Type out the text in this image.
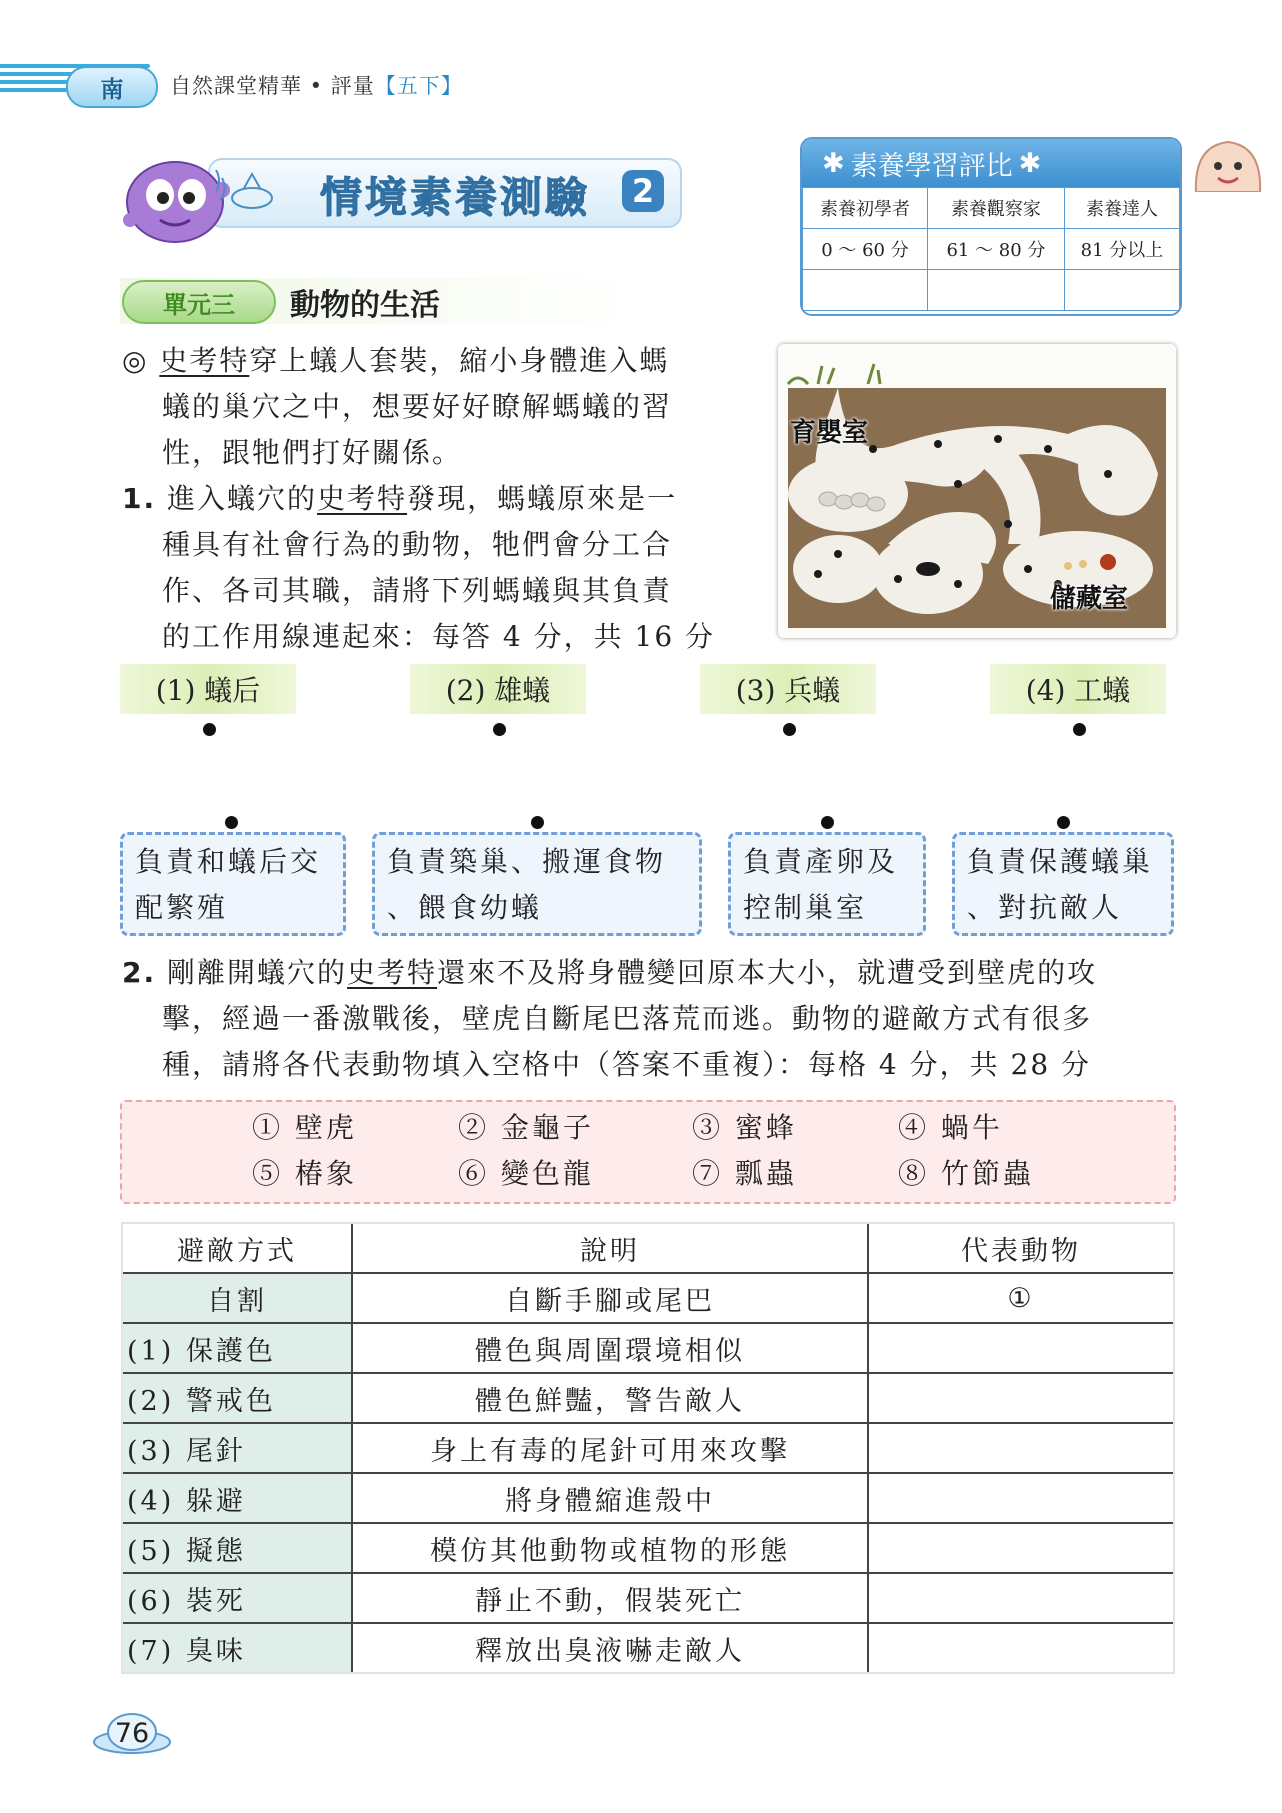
南	自然課堂精華 • 評量【五下】
情境素養測驗	2
✱ 素養學習評比 ✱
素養初學者	素養觀察家	素養達人
0 ～ 60 分	61 ～ 80 分	81 分以上

單元三	動物的生活
◎ 史考特穿上蟻人套裝，縮小身體進入螞
蟻的巢穴之中，想要好好瞭解螞蟻的習
性，跟牠們打好關係。
1. 進入蟻穴的史考特發現，螞蟻原來是一
種具有社會行為的動物，牠們會分工合
作、各司其職，請將下列螞蟻與其負責
的工作用線連起來：每答 4 分，共 16 分
育嬰室
儲藏室
(1) 蟻后	(2) 雄蟻	(3) 兵蟻	(4) 工蟻
負責和蟻后交
配繁殖
負責築巢、搬運食物
、餵食幼蟻
負責產卵及
控制巢室
負責保護蟻巢
、對抗敵人
2. 剛離開蟻穴的史考特還來不及將身體變回原本大小，就遭受到壁虎的攻
擊，經過一番激戰後，壁虎自斷尾巴落荒而逃。動物的避敵方式有很多
種，請將各代表動物填入空格中（答案不重複）：每格 4 分，共 28 分
① 壁虎	② 金龜子	③ 蜜蜂	④ 蝸牛
⑤ 椿象	⑥ 變色龍	⑦ 瓢蟲	⑧ 竹節蟲
避敵方式	說明	代表動物
自割	自斷手腳或尾巴	①
(1) 保護色	體色與周圍環境相似	
(2) 警戒色	體色鮮豔，警告敵人	
(3) 尾針	身上有毒的尾針可用來攻擊	
(4) 躲避	將身體縮進殼中	
(5) 擬態	模仿其他動物或植物的形態	
(6) 裝死	靜止不動，假裝死亡	
(7) 臭味	釋放出臭液嚇走敵人	
76
